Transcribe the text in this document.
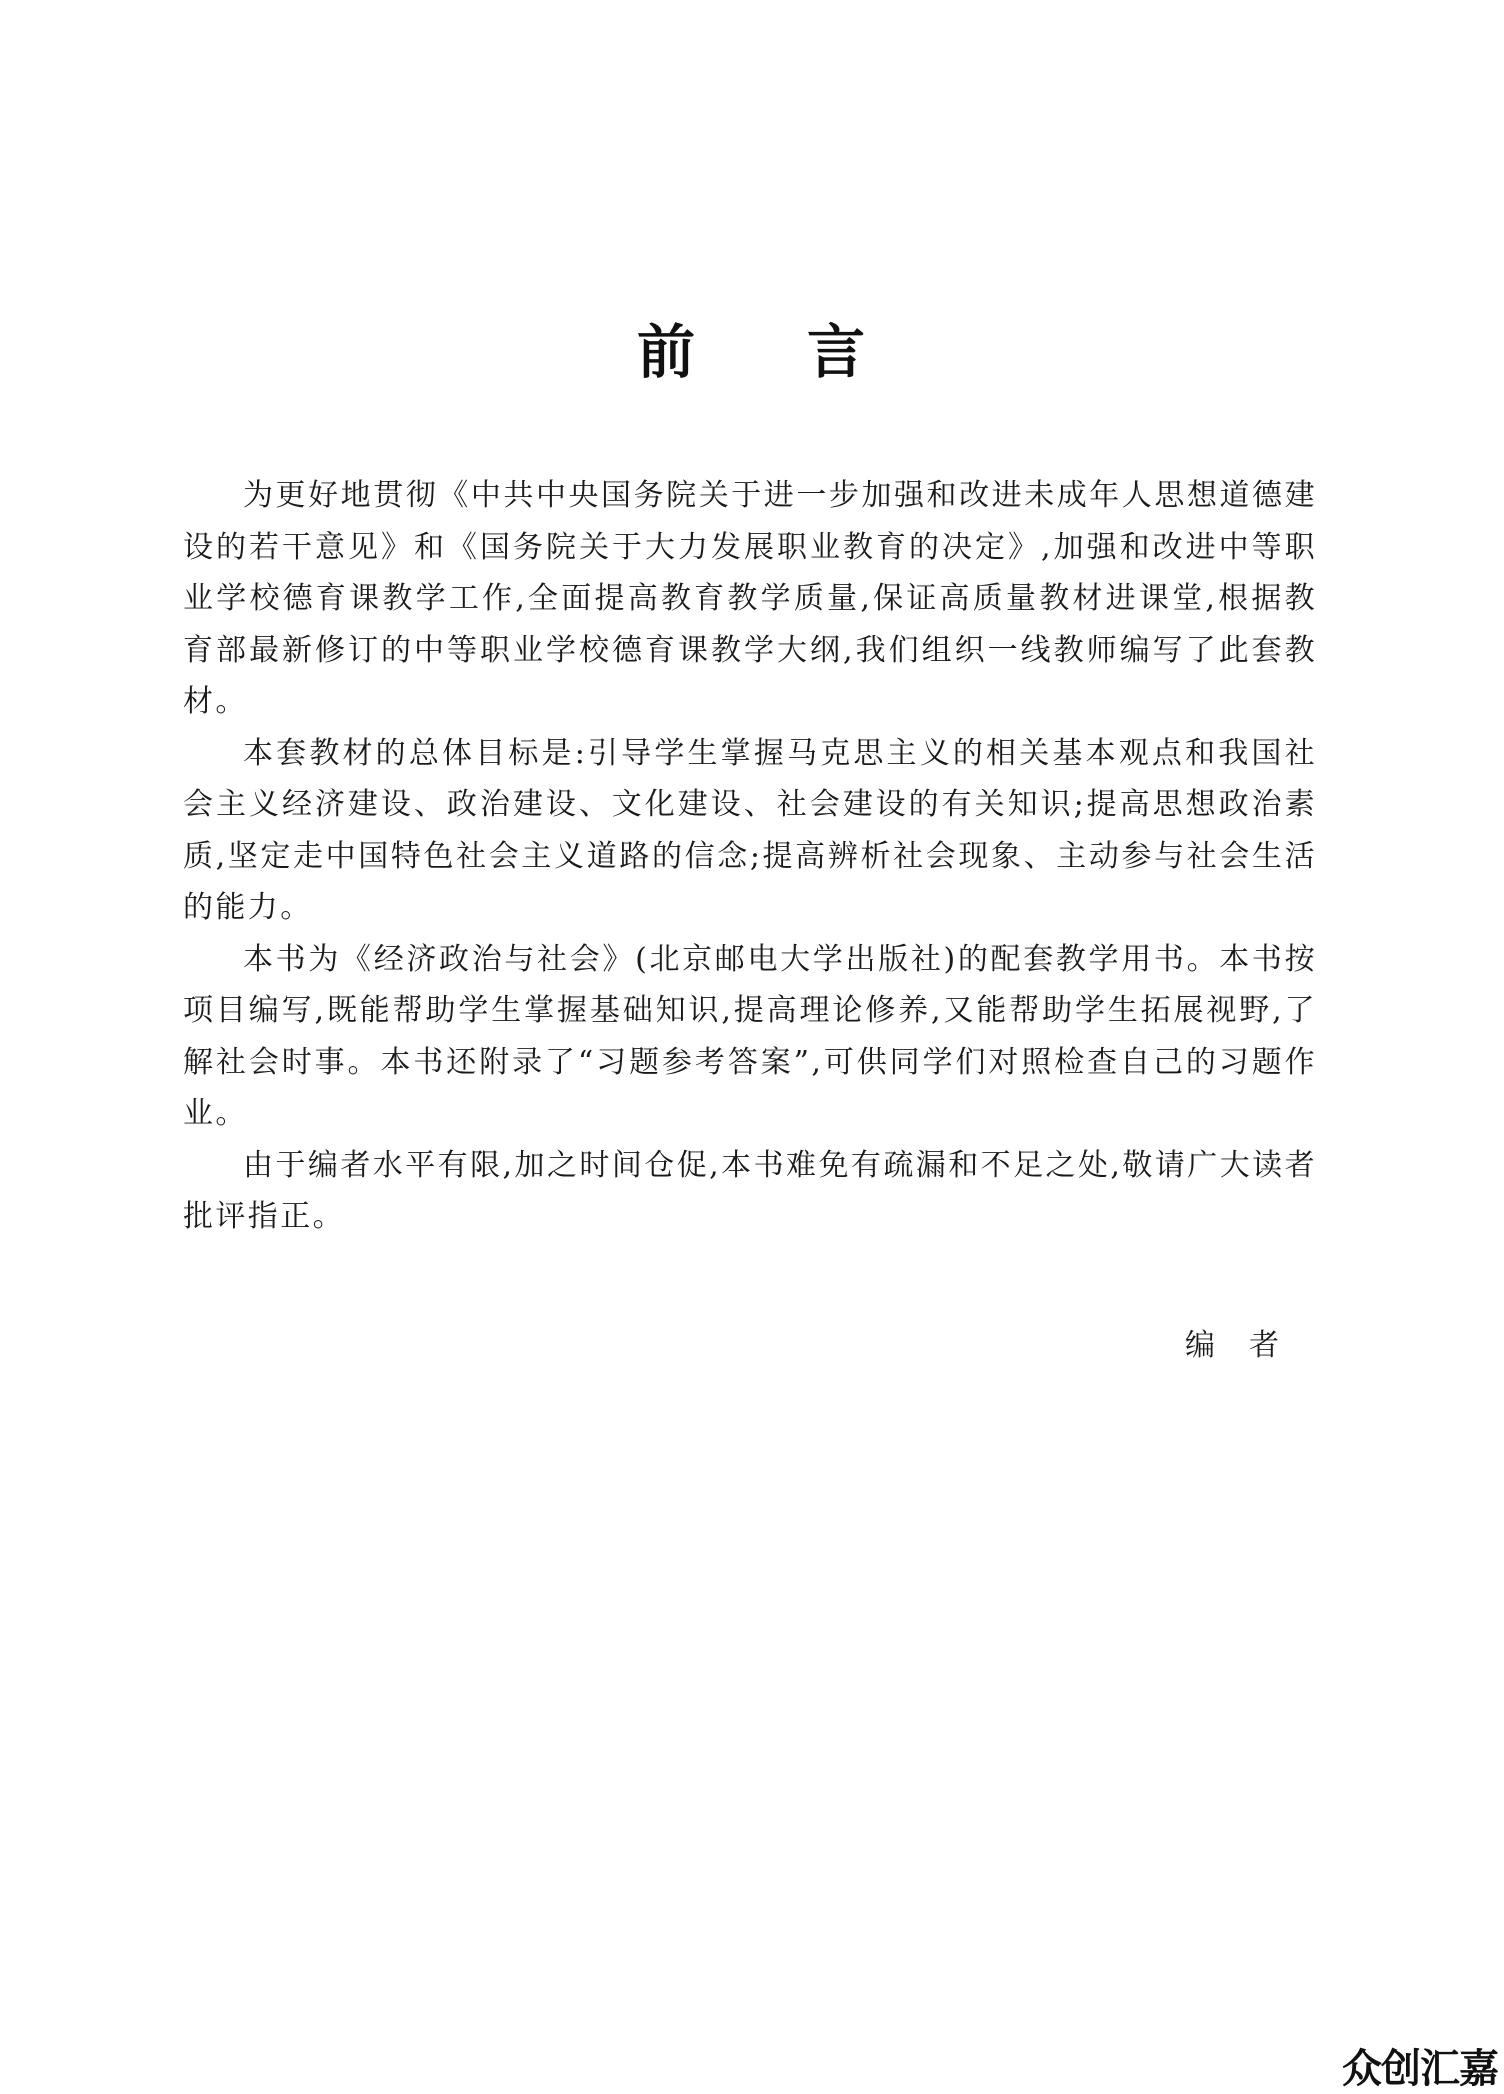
前 言

为更好地贯彻《中共中央国务院关于进一步加强和改进未成年人思想道德建设的若干意见》和《国务院关于大力发展职业教育的决定》,加强和改进中等职业学校德育课教学工作,全面提高教育教学质量,保证高质量教材进课堂,根据教育部最新修订的中等职业学校德育课教学大纲,我们组织一线教师编写了此套教材。

本套教材的总体目标是:引导学生掌握马克思主义的相关基本观点和我国社会主义经济建设、政治建设、文化建设、社会建设的有关知识;提高思想政治素质,坚定走中国特色社会主义道路的信念;提高辨析社会现象、主动参与社会生活的能力。

本书为《经济政治与社会》(北京邮电大学出版社)的配套教学用书。本书按项目编写,既能帮助学生掌握基础知识,提高理论修养,又能帮助学生拓展视野,了解社会时事。本书还附录了“习题参考答案”,可供同学们对照检查自己的习题作业。

由于编者水平有限,加之时间仓促,本书难免有疏漏和不足之处,敬请广大读者批评指正。

编者
众创汇嘉
